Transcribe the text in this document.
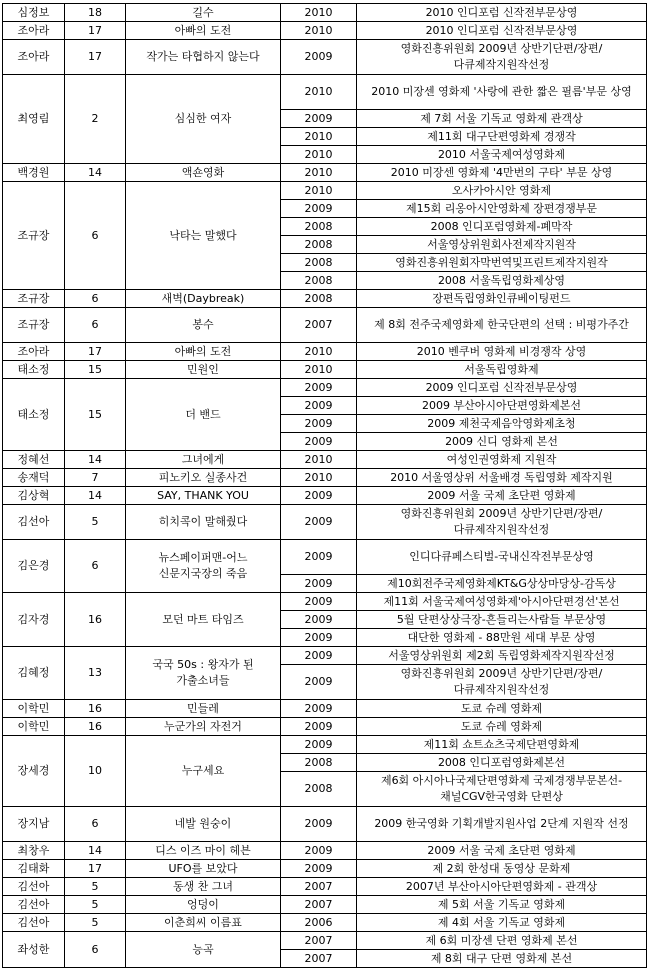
심정보	18	길수	2010	2010 인디포럼 신작전부문상영
조아라	17	아빠의 도전	2010	2010 인디포럼 신작전부문상영
조아라	17	작가는 타협하지 않는다	2009	영화진흥위원회 2009년 상반기단편/장편/다큐제작지원작선정
최영림	2	심심한 여자	2010	2010 미장센 영화제 '사랑에 관한 짧은 필름'부문 상영
			2009	제 7회 서울 기독교 영화제 관객상
			2010	제11회 대구단편영화제 경쟁작
			2010	2010 서울국제여성영화제
백경원	14	액숀영화	2010	2010 미장센 영화제 '4만번의 구타' 부문 상영
조규장	6	낙타는 말했다	2010	오사카아시안 영화제
			2009	제15회 리옹아시안영화제 장편경쟁부문
			2008	2008 인디포럼영화제-폐막작
			2008	서울영상위원회사전제작지원작
			2008	영화진흥위원회자막번역및프린트제작지원작
			2008	2008 서울독립영화제상영
조규장	6	새벽(Daybreak)	2008	장편독립영화인큐베이팅펀드
조규장	6	봉수	2007	제 8회 전주국제영화제 한국단편의 선택 : 비평가주간
조아라	17	아빠의 도전	2010	2010 벤쿠버 영화제 비경쟁작 상영
태소정	15	민원인	2010	서울독립영화제
태소정	15	더 밴드	2009	2009 인디포럼 신작전부문상영
			2009	2009 부산아시아단편영화제본선
			2009	2009 제천국제음악영화제초청
			2009	2009 신디 영화제 본선
정혜선	14	그녀에게	2010	여성인권영화제 지원작
송재덕	7	피노키오 실종사건	2010	2010 서울영상위 서울배경 독립영화 제작지원
김상혁	14	SAY, THANK YOU	2009	2009 서울 국제 초단편 영화제
김선아	5	히치콕이 말해줬다	2009	영화진흥위원회 2009년 상반기단편/장편/다큐제작지원작선정
김은경	6	뉴스페이퍼맨-어느 신문지국장의 죽음	2009	인디다큐페스티벌-국내신작전부문상영
			2009	제10회전주국제영화제KT&G상상마당상-감독상
김자경	16	모던 마트 타임즈	2009	제11회 서울국제여성영화제'아시아단편경선'본선
			2009	5월 단편상상극장-흔들리는사람들 부문상영
			2009	대단한 영화제 - 88만원 세대 부문 상영
김혜정	13	국국 50s : 왕자가 된 가출소녀들	2009	서울영상위원회 제2회 독립영화제작지원작선정
			2009	영화진흥위원회 2009년 상반기단편/장편/다큐제작지원작선정
이학민	16	민들레	2009	도쿄 슈레 영화제
이학민	16	누군가의 자전거	2009	도쿄 슈레 영화제
장세경	10	누구세요	2009	제11회 쇼트쇼츠국제단편영화제
			2008	2008 인디포럼영화제본선
			2008	제6회 아시아나국제단편영화제 국제경쟁부문본선-채널CGV한국영화 단편상
장지남	6	네발 원숭이	2009	2009 한국영화 기획개발지원사업 2단계 지원작 선정
최창우	14	디스 이즈 마이 헤븐	2009	2009 서울 국제 초단편 영화제
김태화	17	UFO를 보았다	2009	제 2회 한성대 동영상 문화제
김선아	5	동생 찬 그녀	2007	2007년 부산아시아단편영화제 - 관객상
김선아	5	엉덩이	2007	제 5회 서울 기독교 영화제
김선아	5	이춘희씨 이름표	2006	제 4회 서울 기독교 영화제
좌성한	6	능곡	2007	제 6회 미장센 단편 영화제 본선
			2007	제 8회 대구 단편 영화제 본선
